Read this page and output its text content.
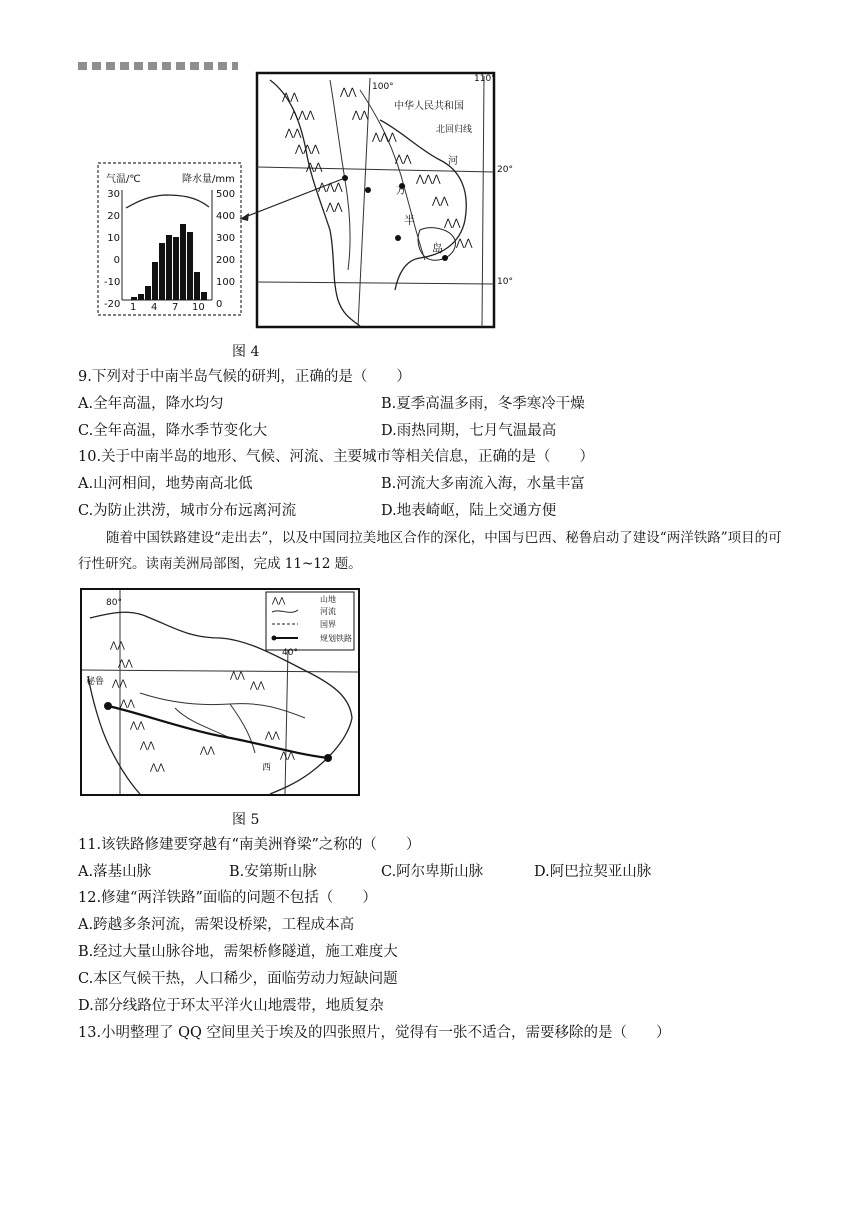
⋀⋀
⋀⋀⋀
⋀⋀
⋀⋀⋀
⋀⋀
⋀⋀⋀
⋀⋀
⋀⋀
⋀⋀
⋀⋀⋀
⋀⋀
⋀⋀⋀
⋀⋀
⋀⋀
⋀⋀
气温/℃	降水量/mm
30
20
10
0
-10
-20
500
400
300
200
100
0
1 4 7 10
100°
110°
20°
10°
中华人民共和国
北回归线
河
半
岛
万
图 4
9.下列对于中南半岛气候的研判，正确的是（　　）
A.全年高温，降水均匀	B.夏季高温多雨，冬季寒冷干燥
C.全年高温，降水季节变化大	D.雨热同期，七月气温最高
10.关于中南半岛的地形、气候、河流、主要城市等相关信息，正确的是（　　）
A.山河相间，地势南高北低	B.河流大多南流入海，水量丰富
C.为防止洪涝，城市分布远离河流	D.地表崎岖，陆上交通方便
随着中国铁路建设“走出去”，以及中国同拉美地区合作的深化，中国与巴西、秘鲁启动了建设“两洋铁路”项目的可行性研究。读南美洲局部图，完成 11~12 题。
⋀⋀
⋀⋀
⋀⋀
⋀⋀
⋀⋀
⋀⋀
⋀⋀
⋀⋀
⋀⋀
⋀⋀
⋀⋀
⋀⋀
⋀⋀
80°
40°
秘鲁
西
山地
河流
国界
规划铁路
图 5
11.该铁路修建要穿越有“南美洲脊梁”之称的（　　）
A.落基山脉	B.安第斯山脉	C.阿尔卑斯山脉	D.阿巴拉契亚山脉
12.修建“两洋铁路”面临的问题不包括（　　）
A.跨越多条河流，需架设桥梁，工程成本高
B.经过大量山脉谷地，需架桥修隧道，施工难度大
C.本区气候干热，人口稀少，面临劳动力短缺问题
D.部分线路位于环太平洋火山地震带，地质复杂
13.小明整理了 QQ 空间里关于埃及的四张照片，觉得有一张不适合，需要移除的是（　　）
